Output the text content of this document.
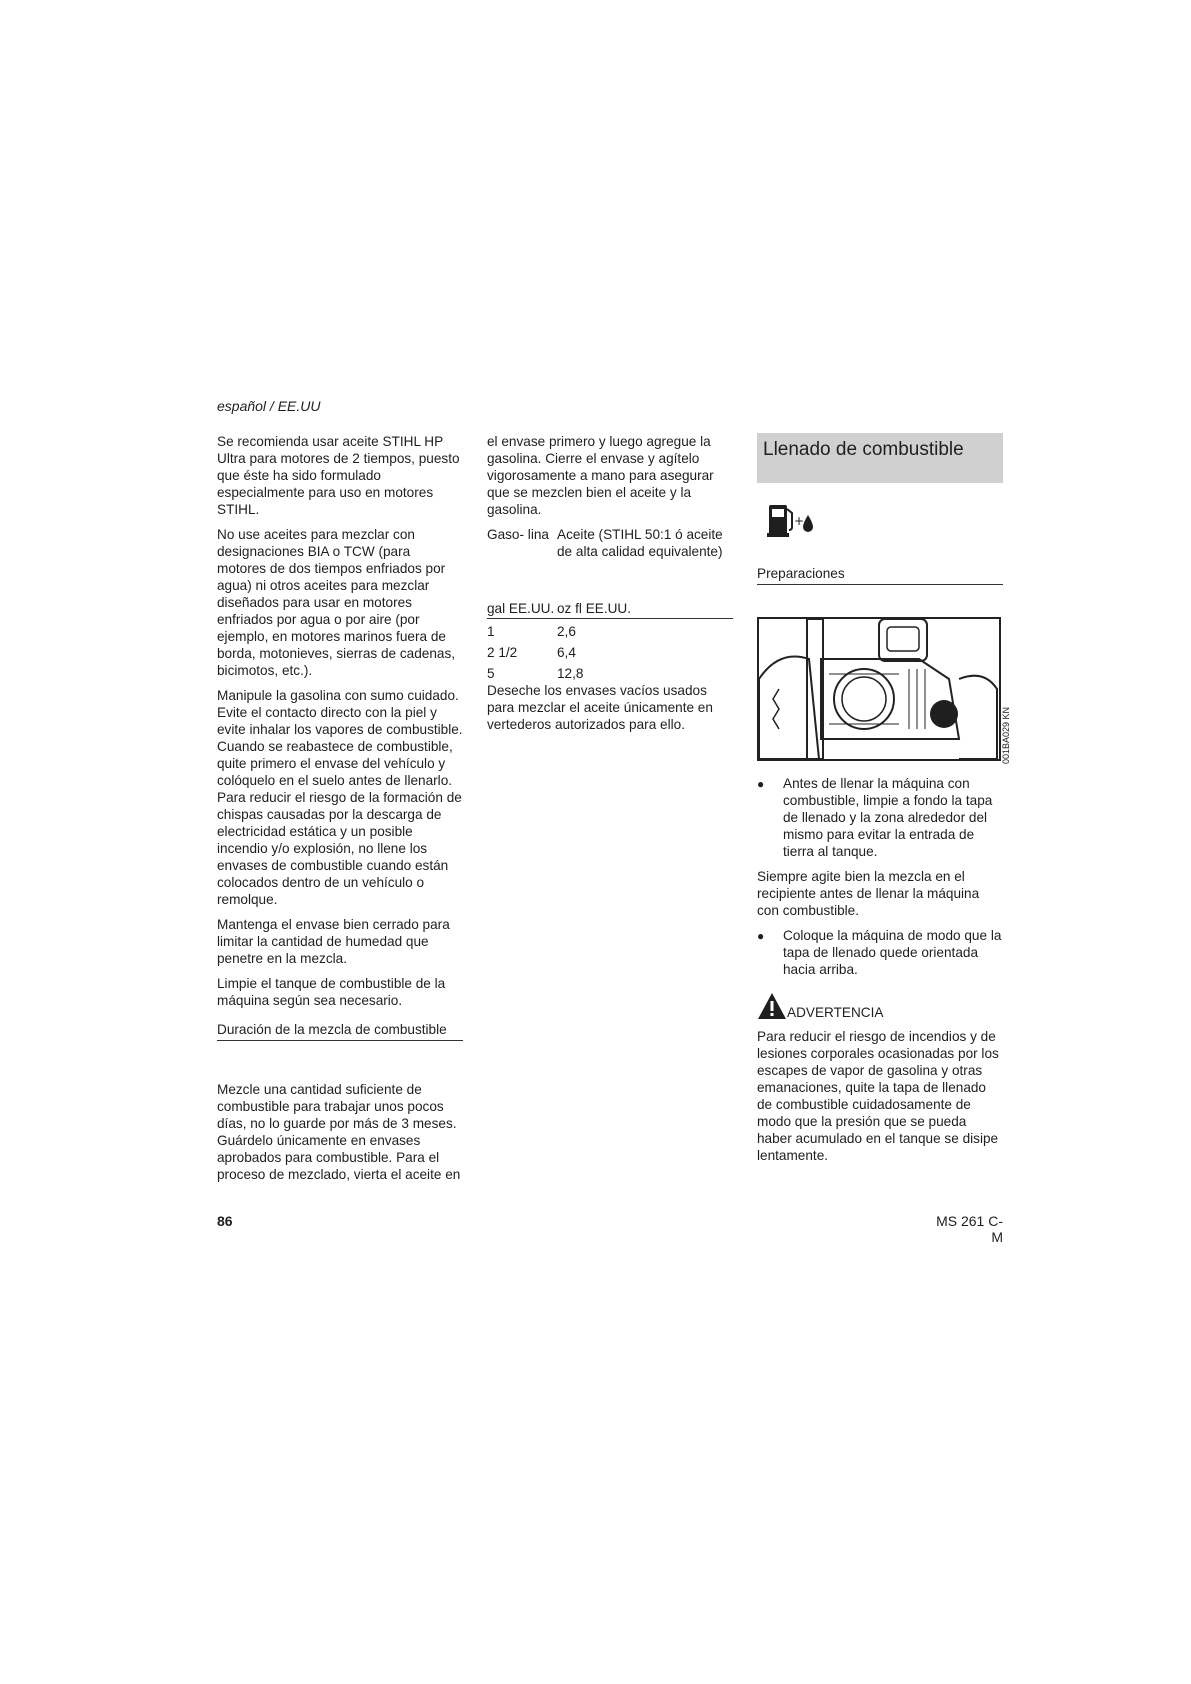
español / EE.UU

Se recomienda usar aceite STIHL HP Ultra para motores de 2 tiempos, puesto que éste ha sido formulado especialmente para uso en motores STIHL.

No use aceites para mezclar con designaciones BIA o TCW (para motores de dos tiempos enfriados por agua) ni otros aceites para mezclar diseñados para usar en motores enfriados por agua o por aire (por ejemplo, en motores marinos fuera de borda, motonieves, sierras de cadenas, bicimotos, etc.).

Manipule la gasolina con sumo cuidado. Evite el contacto directo con la piel y evite inhalar los vapores de combustible. Cuando se reabastece de combustible, quite primero el envase del vehículo y colóquelo en el suelo antes de llenarlo. Para reducir el riesgo de la formación de chispas causadas por la descarga de electricidad estática y un posible incendio y/o explosión, no llene los envases de combustible cuando están colocados dentro de un vehículo o remolque.

Mantenga el envase bien cerrado para limitar la cantidad de humedad que penetre en la mezcla.

Limpie el tanque de combustible de la máquina según sea necesario.

Duración de la mezcla de combustible

Mezcle una cantidad suficiente de combustible para trabajar unos pocos días, no lo guarde por más de 3 meses. Guárdelo únicamente en envases aprobados para combustible. Para el proceso de mezclado, vierta el aceite en

el envase primero y luego agregue la gasolina. Cierre el envase y agítelo vigorosamente a mano para asegurar que se mezclen bien el aceite y la gasolina.

Gaso- lina Aceite (STIHL 50:1 ó aceite de alta calidad equivalente)
gal EE.UU. oz fl EE.UU.
1	2,6
2 1/2	6,4
5	12,8

Deseche los envases vacíos usados para mezclar el aceite únicamente en vertederos autorizados para ello.

Llenado de combustible
+
Preparaciones
001BA029 KN
●	Antes de llenar la máquina con combustible, limpie a fondo la tapa de llenado y la zona alrededor del mismo para evitar la entrada de tierra al tanque.

Siempre agite bien la mezcla en el recipiente antes de llenar la máquina con combustible.

●	Coloque la máquina de modo que la tapa de llenado quede orientada hacia arriba.
ADVERTENCIA

Para reducir el riesgo de incendios y de lesiones corporales ocasionadas por los escapes de vapor de gasolina y otras emanaciones, quite la tapa de llenado de combustible cuidadosamente de modo que la presión que se pueda haber acumulado en el tanque se disipe lentamente.

86	MS 261 C-M
